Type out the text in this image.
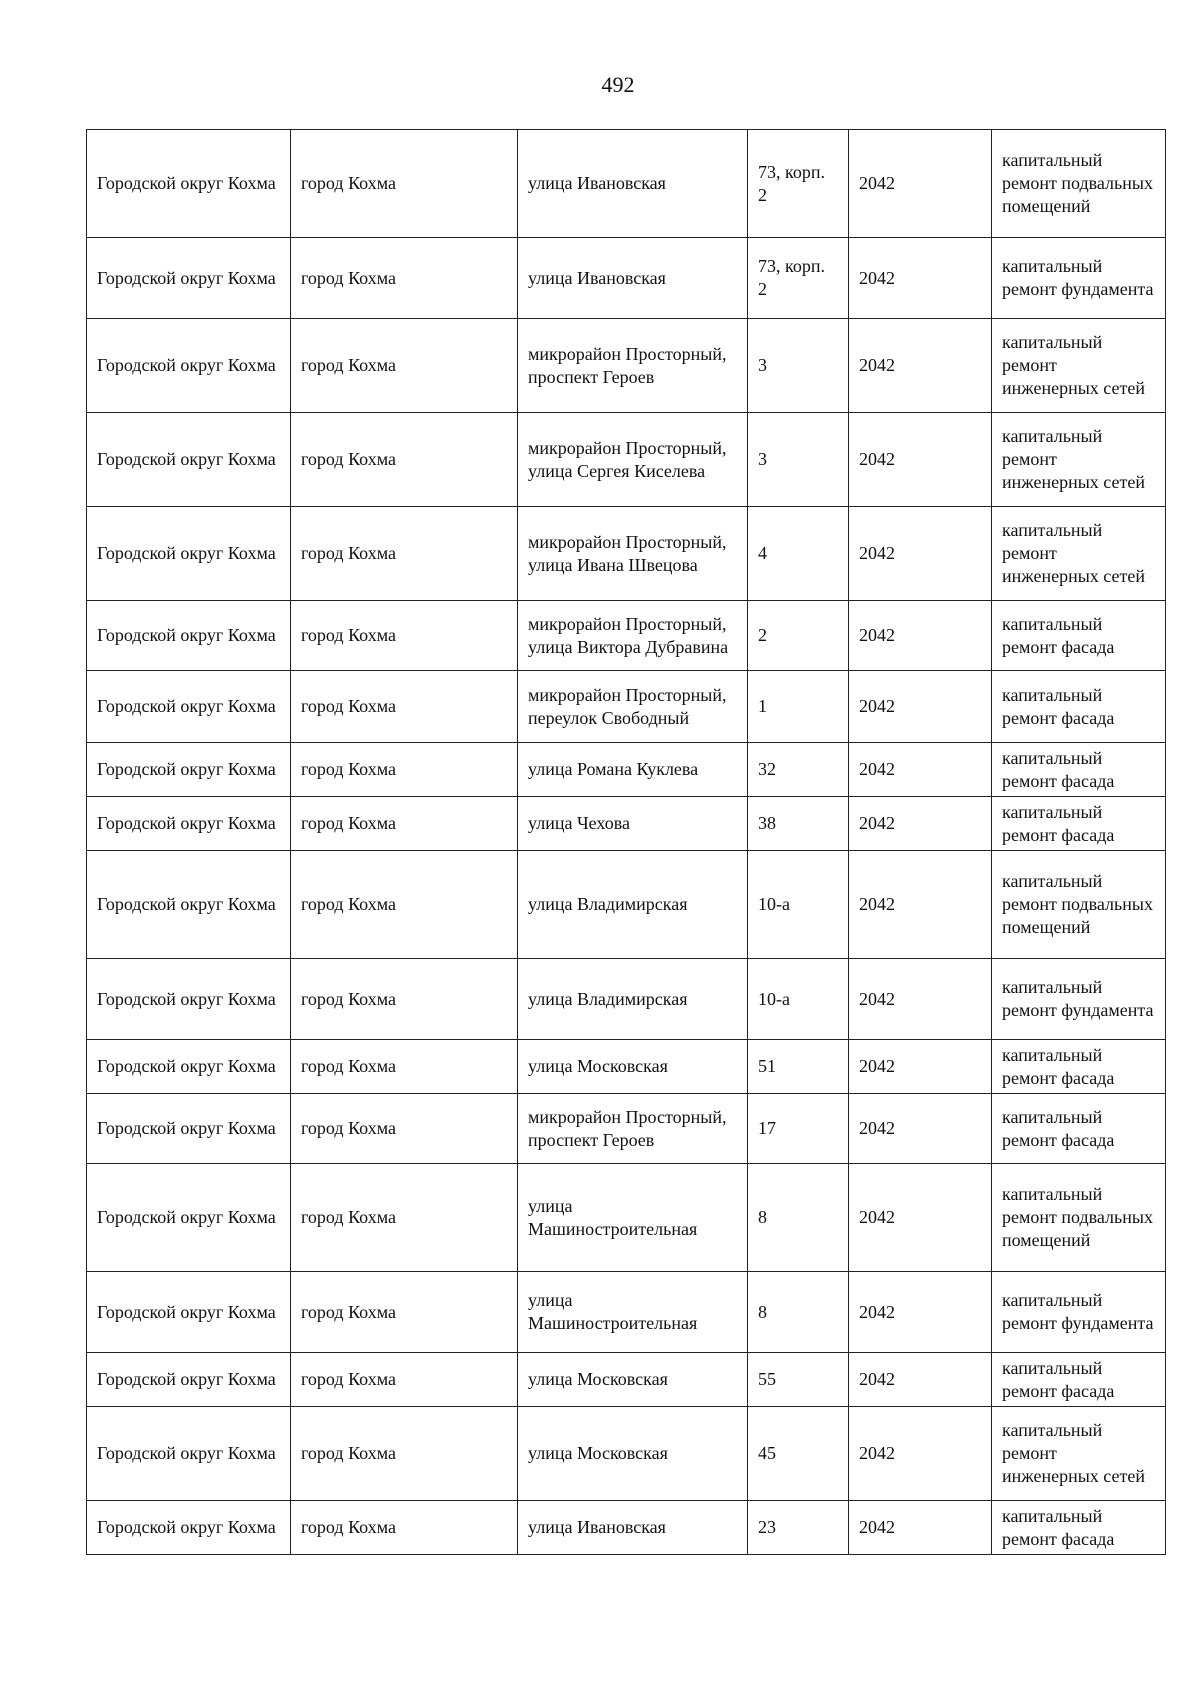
492
Городской округ Кохма	город Кохма	улица Ивановская	73, корп. 2	2042	капитальный ремонт подвальных помещений
Городской округ Кохма	город Кохма	улица Ивановская	73, корп. 2	2042	капитальный ремонт фундамента
Городской округ Кохма	город Кохма	микрорайон Просторный, проспект Героев	3	2042	капитальный ремонт инженерных сетей
Городской округ Кохма	город Кохма	микрорайон Просторный, улица Сергея Киселева	3	2042	капитальный ремонт инженерных сетей
Городской округ Кохма	город Кохма	микрорайон Просторный, улица Ивана Швецова	4	2042	капитальный ремонт инженерных сетей
Городской округ Кохма	город Кохма	микрорайон Просторный, улица Виктора Дубравина	2	2042	капитальный ремонт фасада
Городской округ Кохма	город Кохма	микрорайон Просторный, переулок Свободный	1	2042	капитальный ремонт фасада
Городской округ Кохма	город Кохма	улица Романа Куклева	32	2042	капитальный ремонт фасада
Городской округ Кохма	город Кохма	улица Чехова	38	2042	капитальный ремонт фасада
Городской округ Кохма	город Кохма	улица Владимирская	10-а	2042	капитальный ремонт подвальных помещений
Городской округ Кохма	город Кохма	улица Владимирская	10-а	2042	капитальный ремонт фундамента
Городской округ Кохма	город Кохма	улица Московская	51	2042	капитальный ремонт фасада
Городской округ Кохма	город Кохма	микрорайон Просторный, проспект Героев	17	2042	капитальный ремонт фасада
Городской округ Кохма	город Кохма	улица Машиностроительная	8	2042	капитальный ремонт подвальных помещений
Городской округ Кохма	город Кохма	улица Машиностроительная	8	2042	капитальный ремонт фундамента
Городской округ Кохма	город Кохма	улица Московская	55	2042	капитальный ремонт фасада
Городской округ Кохма	город Кохма	улица Московская	45	2042	капитальный ремонт инженерных сетей
Городской округ Кохма	город Кохма	улица Ивановская	23	2042	капитальный ремонт фасада
